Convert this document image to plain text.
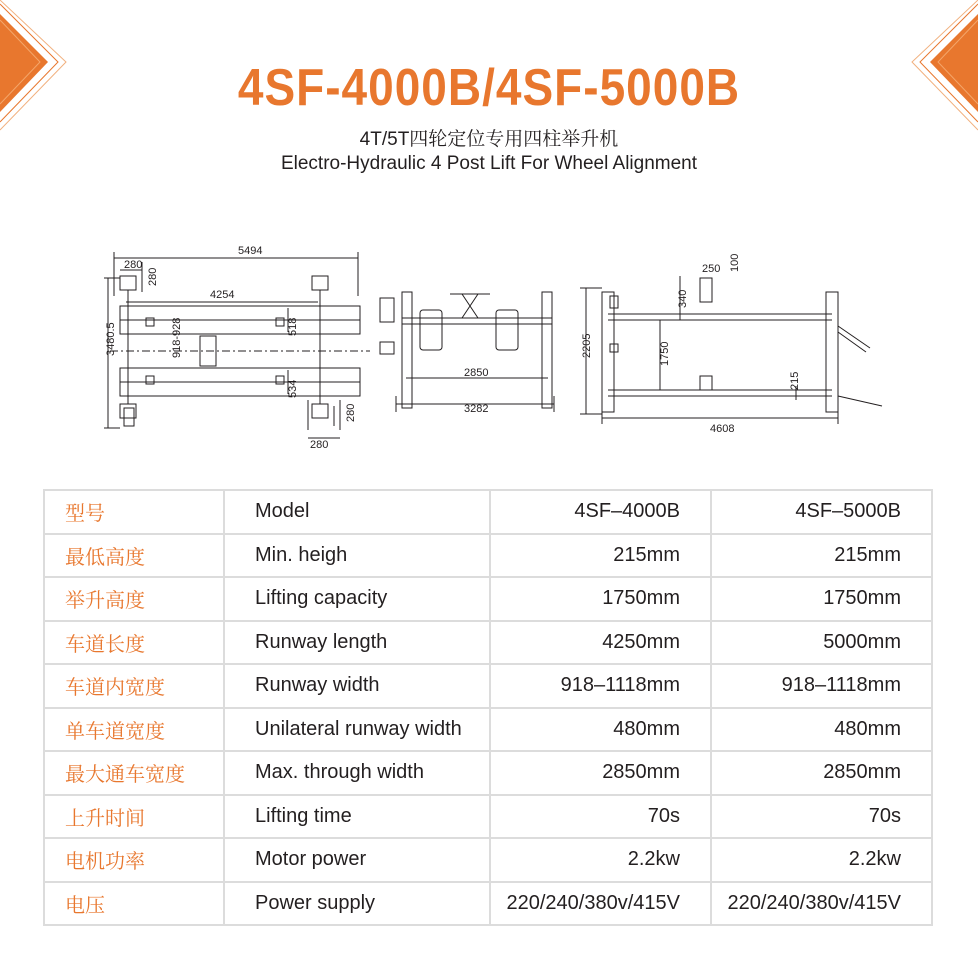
4SF-4000B/4SF-5000B
4T/5T四轮定位专用四柱举升机
Electro-Hydraulic 4 Post Lift For Wheel Alignment
5494
280
280
4254
3480.5	518
918-928
534
280
280
2850
3282
250 100
340
2205	1750
215
4608
型号	Model	4SF–4000B	4SF–5000B
最低高度	Min. heigh	215mm	215mm
举升高度	Lifting capacity	1750mm	1750mm
车道长度	Runway length	4250mm	5000mm
车道内宽度	Runway width	918–1118mm	918–1118mm
单车道宽度	Unilateral runway width	480mm	480mm
最大通车宽度	Max. through width	2850mm	2850mm
上升时间	Lifting time	70s	70s
电机功率	Motor power	2.2kw	2.2kw
电压	Power supply	220/240/380v/415V	220/240/380v/415V
